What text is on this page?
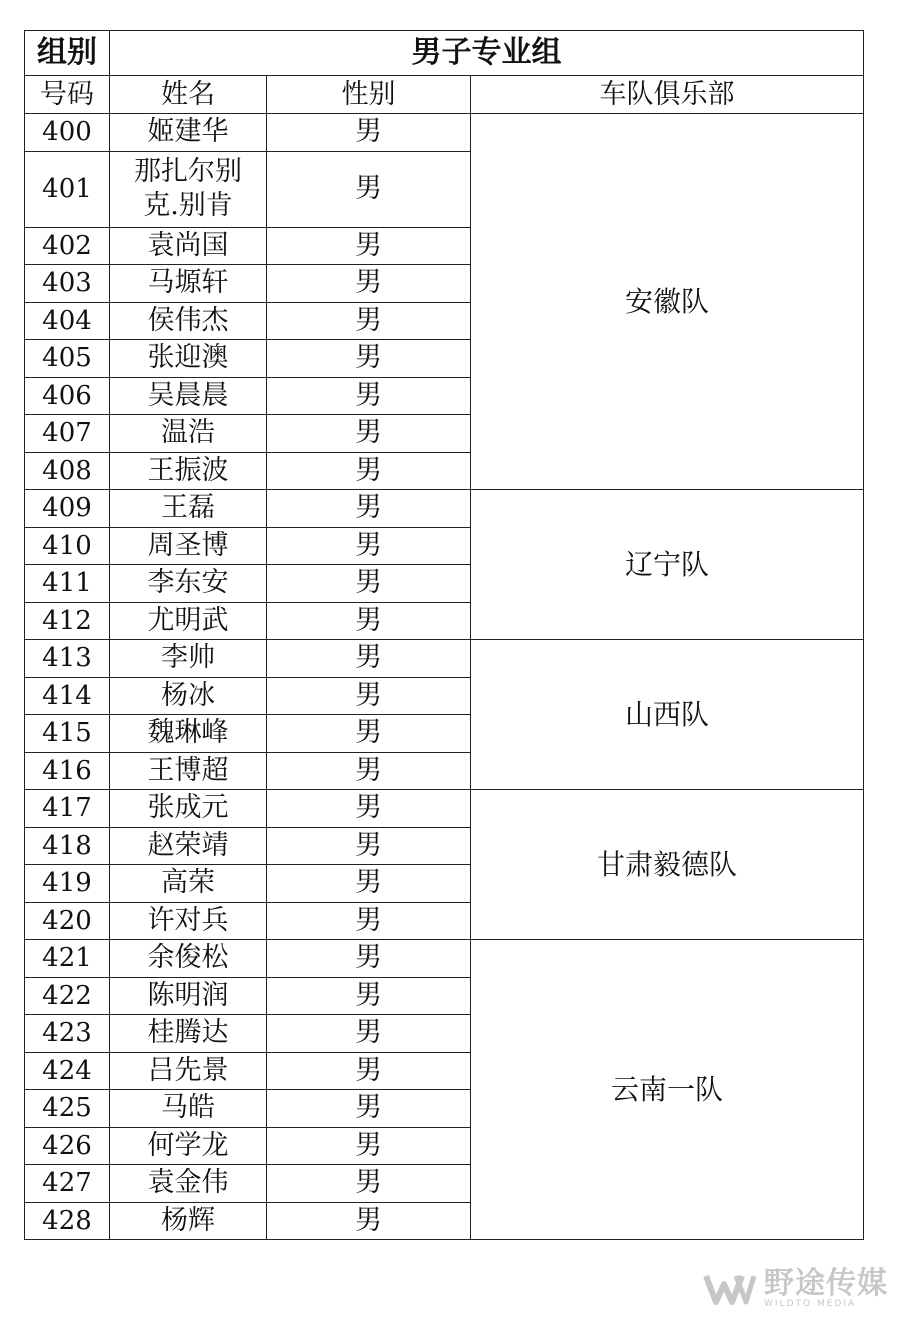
组别	男子专业组		
号码	姓名	性别	车队俱乐部
400	姬建华	男	安徽队
401	那扎尔别克.别肯	男	
402	袁尚国	男	
403	马塬轩	男	
404	侯伟杰	男	
405	张迎澳	男	
406	吴晨晨	男	
407	温浩	男	
408	王振波	男	
409	王磊	男	辽宁队
410	周圣博	男	
411	李东安	男	
412	尤明武	男	
413	李帅	男	山西队
414	杨冰	男	
415	魏琳峰	男	
416	王博超	男	
417	张成元	男	甘肃毅德队
418	赵荣靖	男	
419	高荣	男	
420	许对兵	男	
421	余俊松	男	云南一队
422	陈明润	男	
423	桂腾达	男	
424	吕先景	男	
425	马皓	男	
426	何学龙	男	
427	袁金伟	男	
428	杨辉	男	
野途传媒
WILDTO MEDIA
